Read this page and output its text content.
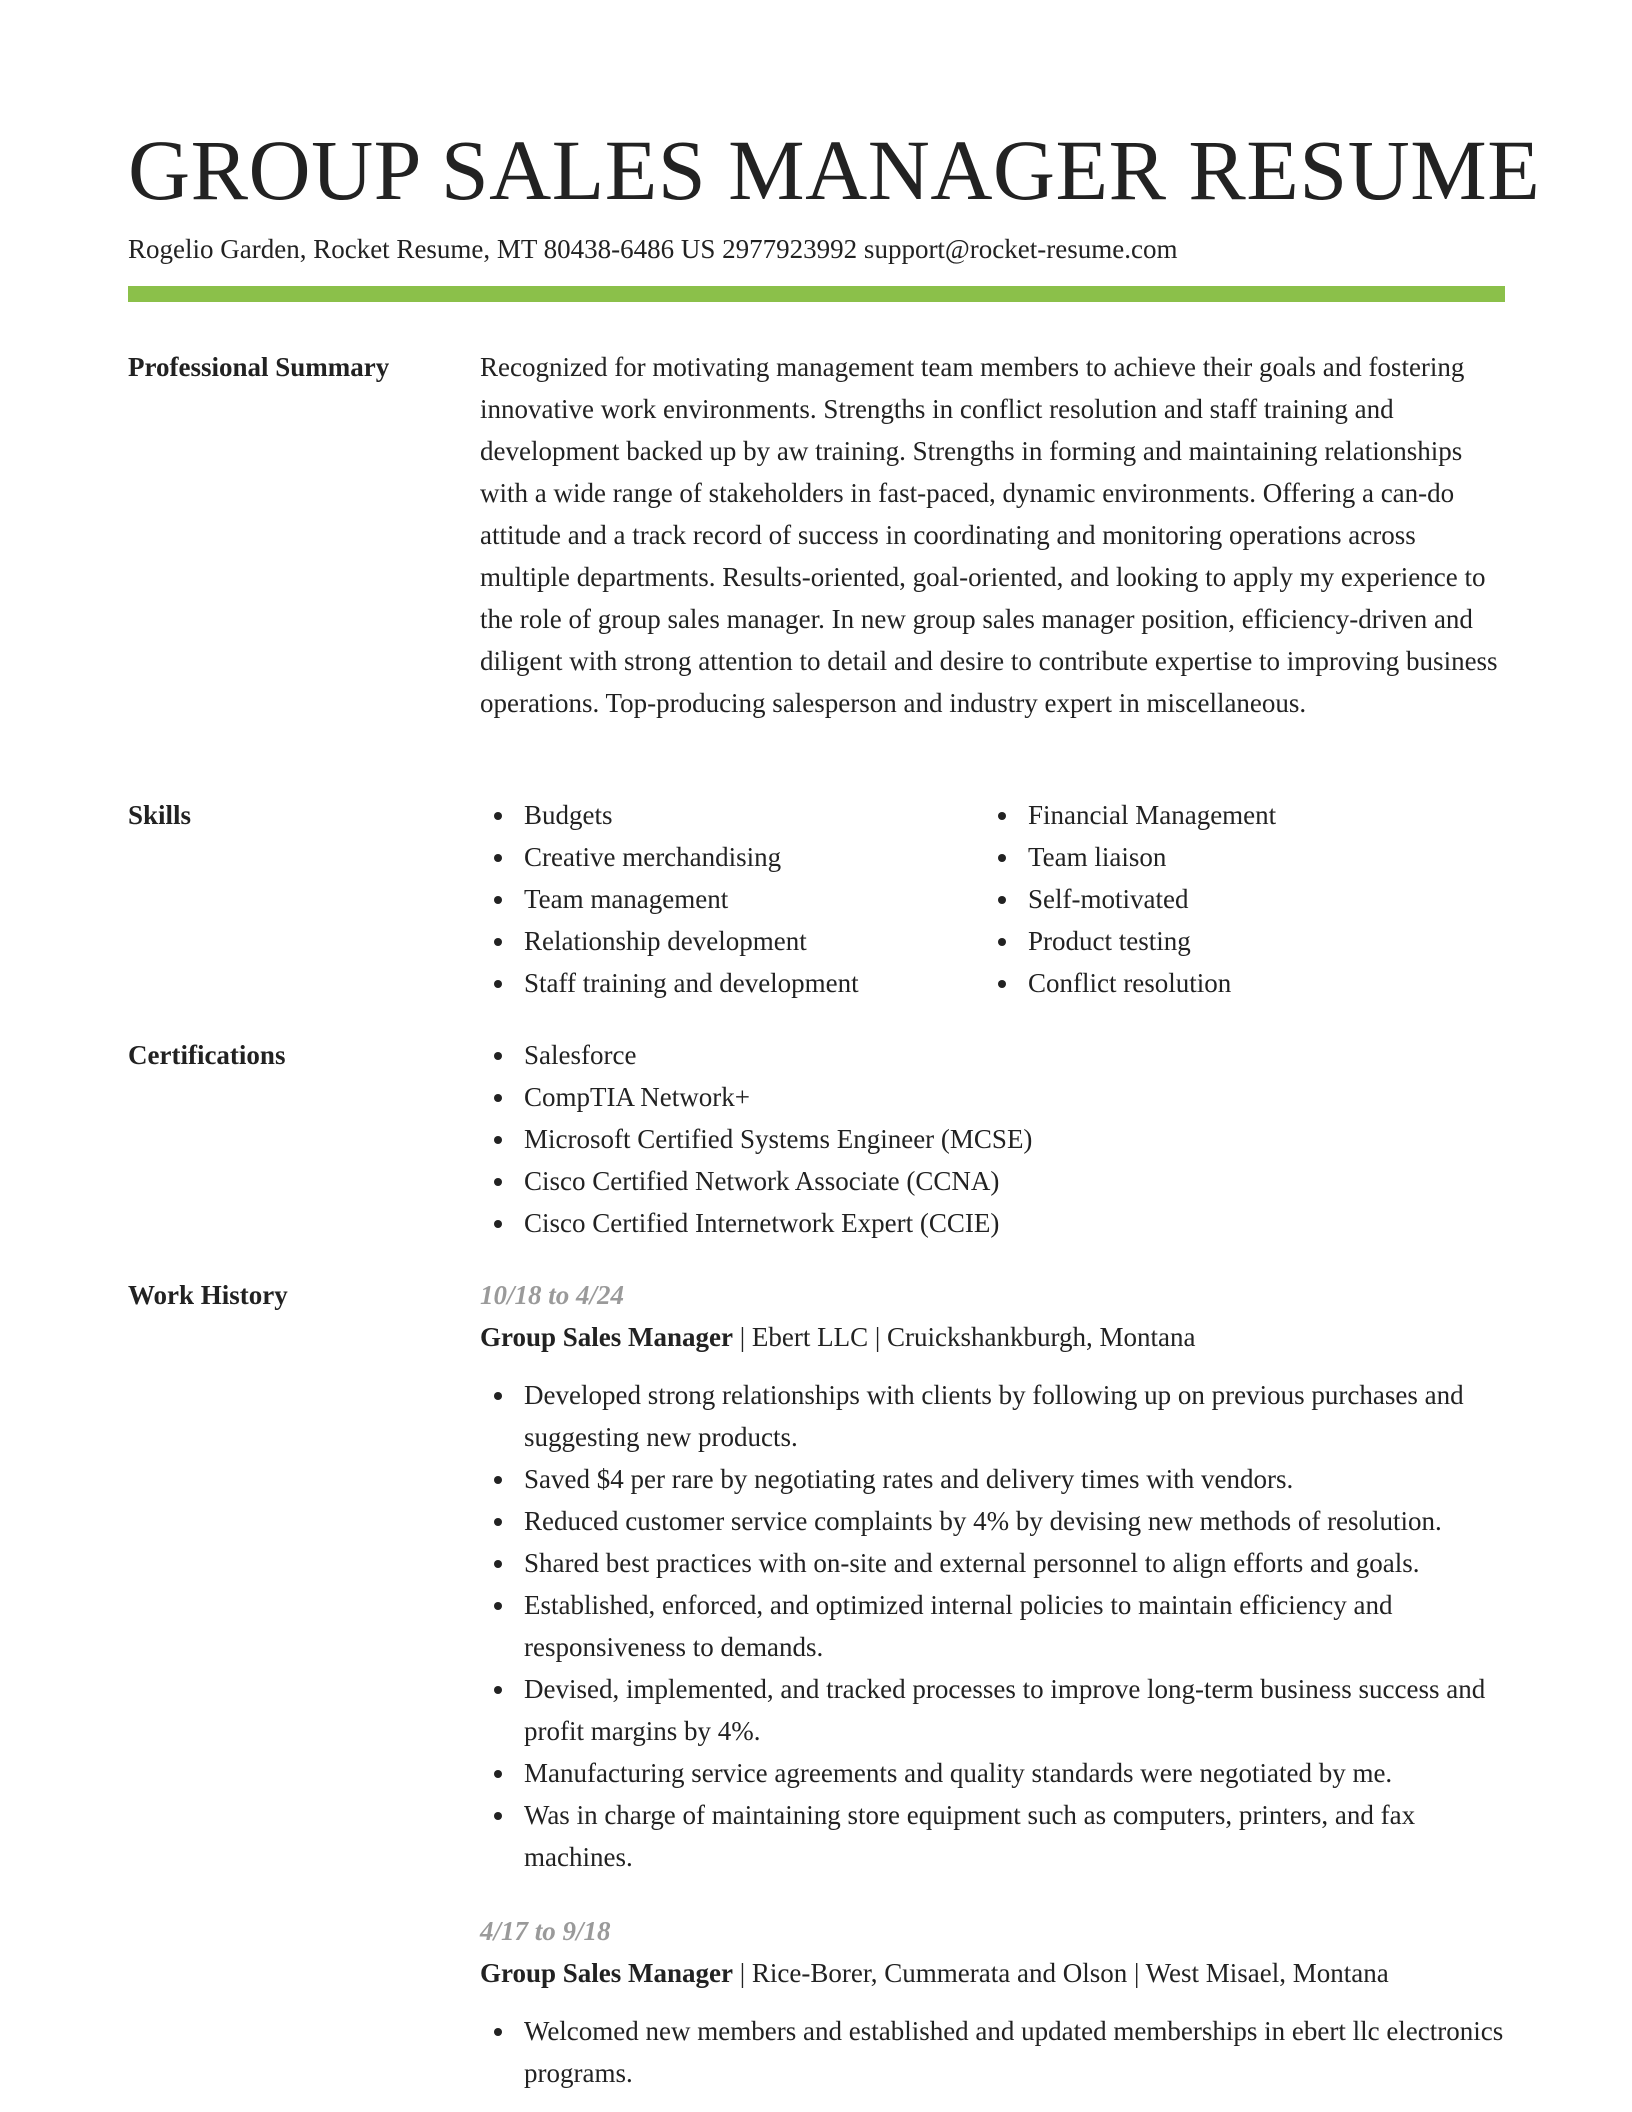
GROUP SALES MANAGER RESUME
Rogelio Garden, Rocket Resume, MT 80438-6486 US 2977923992 support@rocket-resume.com
Professional Summary	Recognized for motivating management team members to achieve their goals and fostering innovative work environments. Strengths in conflict resolution and staff training and development backed up by aw training. Strengths in forming and maintaining relationships with a wide range of stakeholders in fast-paced, dynamic environments. Offering a can-do attitude and a track record of success in coordinating and monitoring operations across multiple departments. Results-oriented, goal-oriented, and looking to apply my experience to the role of group sales manager. In new group sales manager position, efficiency-driven and diligent with strong attention to detail and desire to contribute expertise to improving business operations. Top-producing salesperson and industry expert in miscellaneous.

Skills	Budgets
Creative merchandising
Team management
Relationship development
Staff training and development
Financial Management
Team liaison
Self-motivated
Product testing
Conflict resolution
Certifications	Salesforce
CompTIA Network+
Microsoft Certified Systems Engineer (MCSE)
Cisco Certified Network Associate (CCNA)
Cisco Certified Internetwork Expert (CCIE)
Work History	10/18 to 4/24
Group Sales Manager | Ebert LLC | Cruickshankburgh, Montana
Developed strong relationships with clients by following up on previous purchases and suggesting new products.
Saved $4 per rare by negotiating rates and delivery times with vendors.
Reduced customer service complaints by 4% by devising new methods of resolution.
Shared best practices with on-site and external personnel to align efforts and goals.
Established, enforced, and optimized internal policies to maintain efficiency and responsiveness to demands.
Devised, implemented, and tracked processes to improve long-term business success and profit margins by 4%.
Manufacturing service agreements and quality standards were negotiated by me.
Was in charge of maintaining store equipment such as computers, printers, and fax machines.
4/17 to 9/18
Group Sales Manager | Rice-Borer, Cummerata and Olson | West Misael, Montana
Welcomed new members and established and updated memberships in ebert llc electronics programs.
